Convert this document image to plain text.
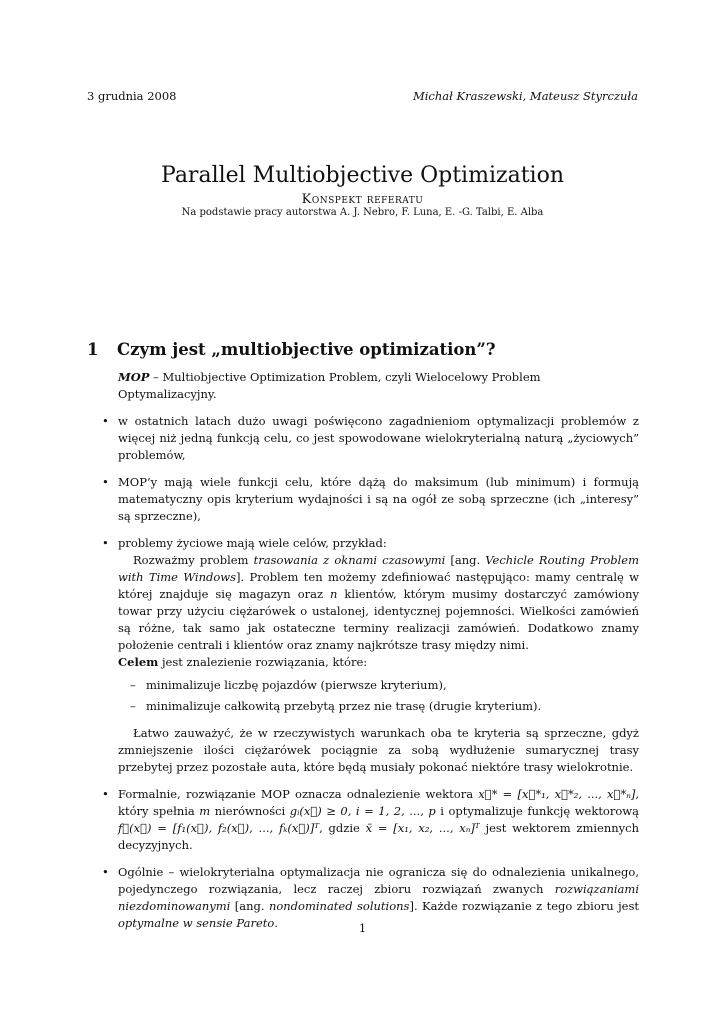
3 grudnia 2008	Michał Kraszewski, Mateusz Styrczuła
Parallel Multiobjective Optimization
Konspekt referatu
Na podstawie pracy autorstwa A. J. Nebro, F. Luna, E. -G. Talbi, E. Alba
1 Czym jest „multiobjective optimization”?
MOP – Multiobjective Optimization Problem, czyli Wielocelowy Problem Optymalizacyjny.
• w ostatnich latach dużo uwagi poświęcono zagadnieniom optymalizacji problemów z więcej niż jedną funkcją celu, co jest spowodowane wielokryterialną naturą „życiowych” problemów,
• MOP’y mają wiele funkcji celu, które dążą do maksimum (lub minimum) i formują matematyczny opis kryterium wydajności i są na ogół ze sobą sprzeczne (ich „interesy” są sprzeczne),
• problemy życiowe mają wiele celów, przykład:
Rozważmy problem trasowania z oknami czasowymi [ang. Vechicle Routing Problem with Time Windows]. Problem ten możemy zdefiniować następująco: mamy centralę w której znajduje się magazyn oraz n klientów, którym musimy dostarczyć zamówiony towar przy użyciu ciężarówek o ustalonej, identycznej pojemności. Wielkości zamówień są różne, tak samo jak ostateczne terminy realizacji zamówień. Dodatkowo znamy położenie centrali i klientów oraz znamy najkrótsze trasy między nimi.
Celem jest znalezienie rozwiązania, które:
– minimalizuje liczbę pojazdów (pierwsze kryterium),
– minimalizuje całkowitą przebytą przez nie trasę (drugie kryterium).
Łatwo zauważyć, że w rzeczywistych warunkach oba te kryteria są sprzeczne, gdyż zmniejszenie ilości ciężarówek pociągnie za sobą wydłużenie sumarycznej trasy przebytej przez pozostałe auta, które będą musiały pokonać niektóre trasy wielokrotnie.
• Formalnie, rozwiązanie MOP oznacza odnalezienie wektora x⃗* = [x⃗*₁, x⃗*₂, ..., x⃗*ₙ], który spełnia m nierówności gᵢ(x⃗) ≥ 0, i = 1, 2, ..., p i optymalizuje funkcję wektorową f⃗(x⃗) = [f₁(x⃗), f₂(x⃗), ..., fₖ(x⃗)]ᵀ, gdzie x̄ = [x₁, x₂, ..., xₙ]ᵀ jest wektorem zmiennych decyzyjnych.
• Ogólnie – wielokryterialna optymalizacja nie ogranicza się do odnalezienia unikalnego, pojedynczego rozwiązania, lecz raczej zbioru rozwiązań zwanych rozwiązaniami niezdominowanymi [ang. nondominated solutions]. Każde rozwiązanie z tego zbioru jest optymalne w sensie Pareto.	1
